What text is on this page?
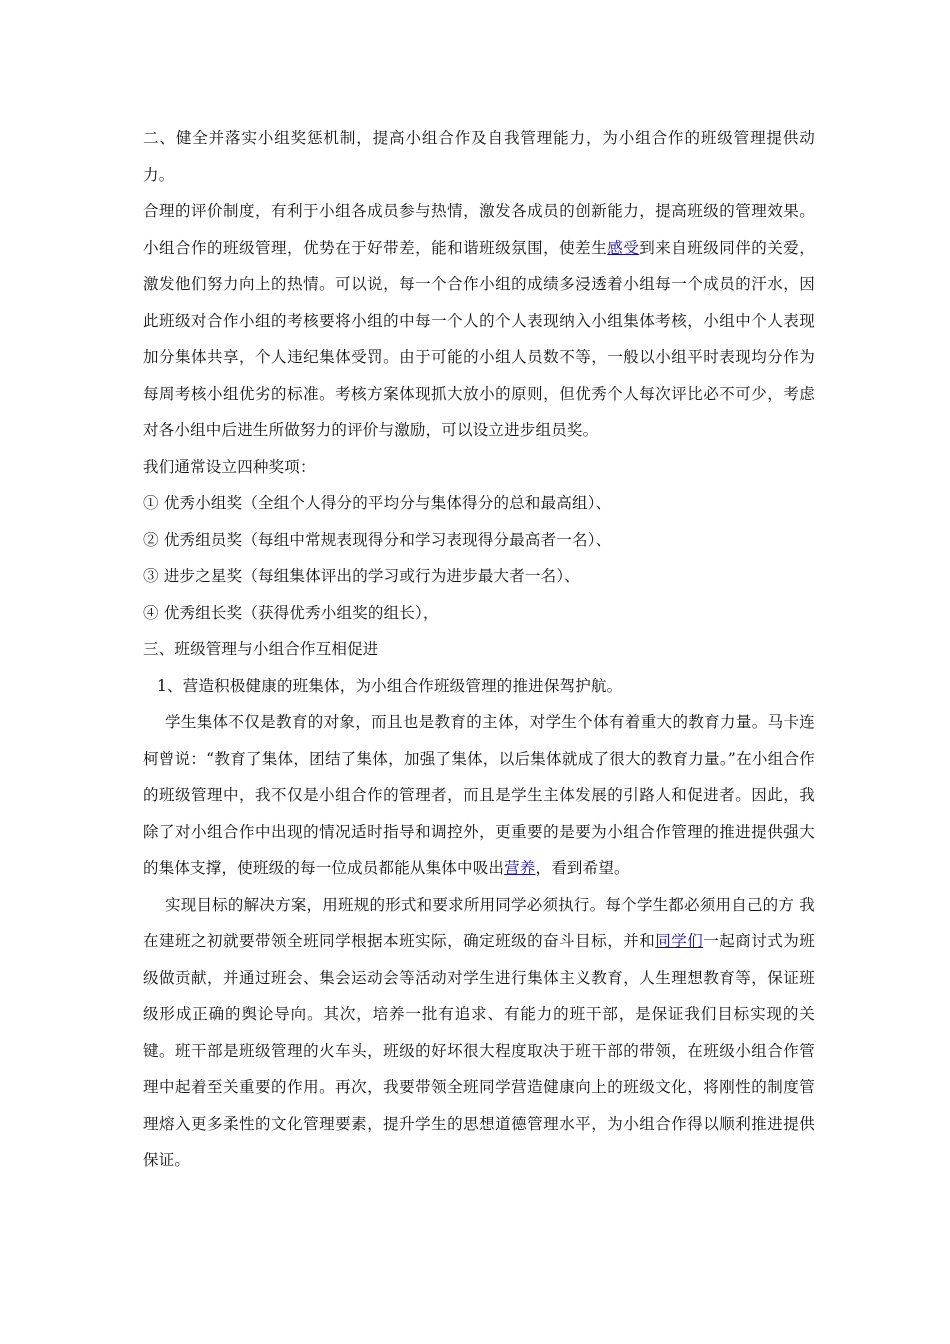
二、健全并落实小组奖惩机制，提高小组合作及自我管理能力，为小组合作的班级管理提供动力。

合理的评价制度，有利于小组各成员参与热情，激发各成员的创新能力，提高班级的管理效果。小组合作的班级管理，优势在于好带差，能和谐班级氛围，使差生感受到来自班级同伴的关爱，激发他们努力向上的热情。可以说，每一个合作小组的成绩多浸透着小组每一个成员的汗水，因此班级对合作小组的考核要将小组的中每一个人的个人表现纳入小组集体考核，小组中个人表现加分集体共享，个人违纪集体受罚。由于可能的小组人员数不等，一般以小组平时表现均分作为每周考核小组优劣的标准。考核方案体现抓大放小的原则，但优秀个人每次评比必不可少，考虑对各小组中后进生所做努力的评价与激励，可以设立进步组员奖。

我们通常设立四种奖项：

① 优秀小组奖（全组个人得分的平均分与集体得分的总和最高组）、

② 优秀组员奖（每组中常规表现得分和学习表现得分最高者一名）、

③ 进步之星奖（每组集体评出的学习或行为进步最大者一名）、

④ 优秀组长奖（获得优秀小组奖的组长），

三、班级管理与小组合作互相促进

1、营造积极健康的班集体，为小组合作班级管理的推进保驾护航。

学生集体不仅是教育的对象，而且也是教育的主体，对学生个体有着重大的教育力量。马卡连柯曾说：“教育了集体，团结了集体，加强了集体，以后集体就成了很大的教育力量。”在小组合作的班级管理中，我不仅是小组合作的管理者，而且是学生主体发展的引路人和促进者。因此，我除了对小组合作中出现的情况适时指导和调控外，更重要的是要为小组合作管理的推进提供强大的集体支撑，使班级的每一位成员都能从集体中吸出营养，看到希望。

实现目标的解决方案，用班规的形式和要求所用同学必须执行。每个学生都必须用自己的方 我在建班之初就要带领全班同学根据本班实际，确定班级的奋斗目标，并和同学们一起商讨式为班级做贡献，并通过班会、集会运动会等活动对学生进行集体主义教育，人生理想教育等，保证班级形成正确的舆论导向。其次，培养一批有追求、有能力的班干部，是保证我们目标实现的关键。班干部是班级管理的火车头，班级的好坏很大程度取决于班干部的带领，在班级小组合作管理中起着至关重要的作用。再次，我要带领全班同学营造健康向上的班级文化，将刚性的制度管理熔入更多柔性的文化管理要素，提升学生的思想道德管理水平，为小组合作得以顺利推进提供保证。
